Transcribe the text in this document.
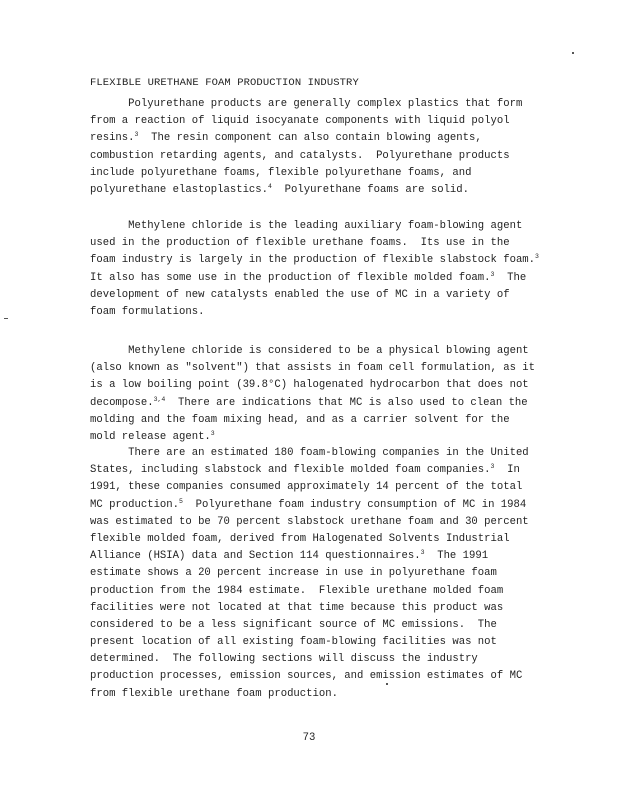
FLEXIBLE URETHANE FOAM PRODUCTION INDUSTRY
Polyurethane products are generally complex plastics that form
from a reaction of liquid isocyanate components with liquid polyol
resins.$^3$  The resin component can also contain blowing agents,
combustion retarding agents, and catalysts.  Polyurethane products
include polyurethane foams, flexible polyurethane foams, and
polyurethane elastoplastics.$^4$  Polyurethane foams are solid.
Methylene chloride is the leading auxiliary foam-blowing agent
used in the production of flexible urethane foams.  Its use in the
foam industry is largely in the production of flexible slabstock foam.$^3$
It also has some use in the production of flexible molded foam.$^3$  The
development of new catalysts enabled the use of MC in a variety of
foam formulations.
Methylene chloride is considered to be a physical blowing agent
(also known as "solvent") that assists in foam cell formulation, as it
is a low boiling point (39.8°C) halogenated hydrocarbon that does not
decompose.$^{3,4}$  There are indications that MC is also used to clean the
molding and the foam mixing head, and as a carrier solvent for the
mold release agent.$^3$
There are an estimated 180 foam-blowing companies in the United
States, including slabstock and flexible molded foam companies.$^3$  In
1991, these companies consumed approximately 14 percent of the total
MC production.$^5$  Polyurethane foam industry consumption of MC in 1984
was estimated to be 70 percent slabstock urethane foam and 30 percent
flexible molded foam, derived from Halogenated Solvents Industrial
Alliance (HSIA) data and Section 114 questionnaires.$^3$  The 1991
estimate shows a 20 percent increase in use in polyurethane foam
production from the 1984 estimate.  Flexible urethane molded foam
facilities were not located at that time because this product was
considered to be a less significant source of MC emissions.  The
present location of all existing foam-blowing facilities was not
determined.  The following sections will discuss the industry
production processes, emission sources, and emission estimates of MC
from flexible urethane foam production.
73
